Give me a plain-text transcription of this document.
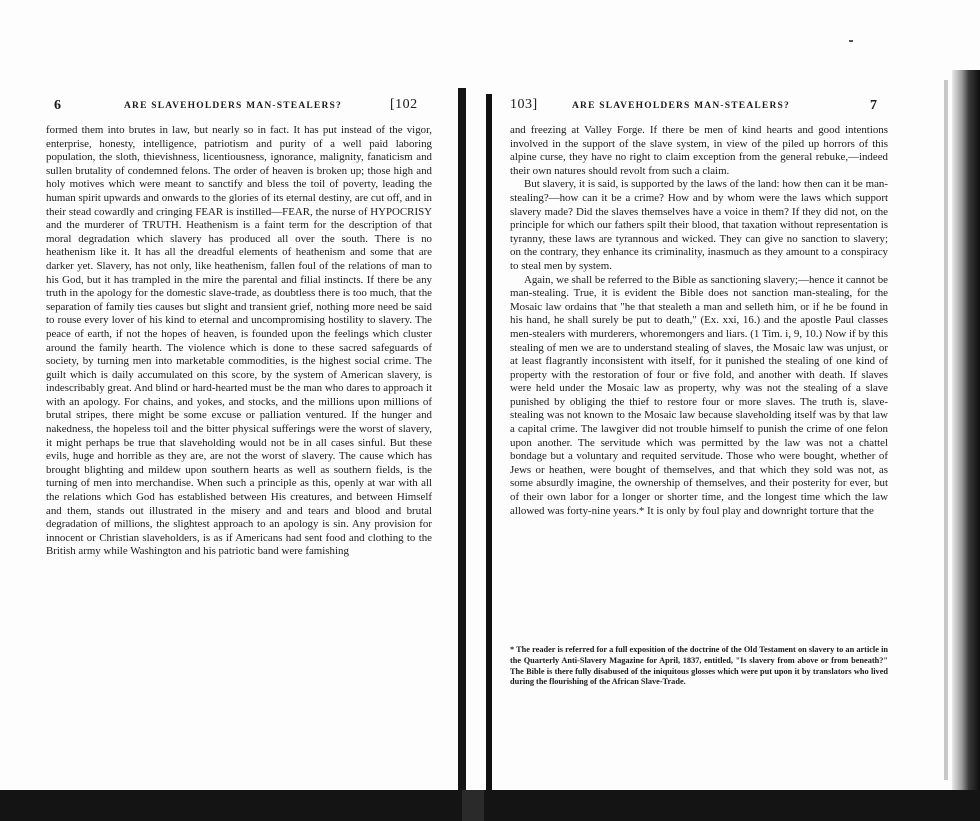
6	ARE SLAVEHOLDERS MAN-STEALERS?	[102

formed them into brutes in law, but nearly so in fact. It has put instead of the vigor, enterprise, honesty, intelligence, patriotism and purity of a well paid laboring population, the sloth, thievishness, licentiousness, ignorance, malignity, fanaticism and sullen brutality of condemned felons. The order of heaven is broken up; those high and holy motives which were meant to sanctify and bless the toil of poverty, leading the human spirit upwards and onwards to the glories of its eternal destiny, are cut off, and in their stead cowardly and cringing FEAR is instilled—FEAR, the nurse of HYPOCRISY and the murderer of TRUTH. Heathenism is a faint term for the description of that moral degradation which slavery has produced all over the south. There is no heathenism like it. It has all the dreadful elements of heathenism and some that are darker yet. Slavery, has not only, like heathenism, fallen foul of the relations of man to his God, but it has trampled in the mire the parental and filial instincts. If there be any truth in the apology for the domestic slave-trade, as doubtless there is too much, that the separation of family ties causes but slight and transient grief, nothing more need be said to rouse every lover of his kind to eternal and uncompromising hostility to slavery. The peace of earth, if not the hopes of heaven, is founded upon the feelings which cluster around the family hearth. The violence which is done to these sacred safeguards of society, by turning men into marketable commodities, is the highest social crime. The guilt which is daily accumulated on this score, by the system of American slavery, is indescribably great. And blind or hard-hearted must be the man who dares to approach it with an apology. For chains, and yokes, and stocks, and the millions upon millions of brutal stripes, there might be some excuse or palliation ventured. If the hunger and nakedness, the hopeless toil and the bitter physical sufferings were the worst of slavery, it might perhaps be true that slaveholding would not be in all cases sinful. But these evils, huge and horrible as they are, are not the worst of slavery. The cause which has brought blighting and mildew upon southern hearts as well as southern fields, is the turning of men into merchandise. When such a principle as this, openly at war with all the relations which God has established between His creatures, and between Himself and them, stands out illustrated in the misery and and tears and blood and brutal degradation of millions, the slightest approach to an apology is sin. Any provision for innocent or Christian slaveholders, is as if Americans had sent food and clothing to the British army while Washington and his patriotic band were famishing

103]	ARE SLAVEHOLDERS MAN-STEALERS?	7

and freezing at Valley Forge. If there be men of kind hearts and good intentions involved in the support of the slave system, in view of the piled up horrors of this alpine curse, they have no right to claim exception from the general rebuke,—indeed their own natures should revolt from such a claim.

But slavery, it is said, is supported by the laws of the land: how then can it be man-stealing?—how can it be a crime? How and by whom were the laws which support slavery made? Did the slaves themselves have a voice in them? If they did not, on the principle for which our fathers spilt their blood, that taxation without representation is tyranny, these laws are tyrannous and wicked. They can give no sanction to slavery; on the contrary, they enhance its criminality, inasmuch as they amount to a conspiracy to steal men by system.

Again, we shall be referred to the Bible as sanctioning slavery;—hence it cannot be man-stealing. True, it is evident the Bible does not sanction man-stealing, for the Mosaic law ordains that "he that stealeth a man and selleth him, or if he be found in his hand, he shall surely be put to death," (Ex. xxi, 16.) and the apostle Paul classes men-stealers with murderers, whoremongers and liars. (1 Tim. i, 9, 10.) Now if by this stealing of men we are to understand stealing of slaves, the Mosaic law was unjust, or at least flagrantly inconsistent with itself, for it punished the stealing of one kind of property with the restoration of four or five fold, and another with death. If slaves were held under the Mosaic law as property, why was not the stealing of a slave punished by obliging the thief to restore four or more slaves. The truth is, slave-stealing was not known to the Mosaic law because slaveholding itself was by that law a capital crime. The lawgiver did not trouble himself to punish the crime of one felon upon another. The servitude which was permitted by the law was not a chattel bondage but a voluntary and requited servitude. Those who were bought, whether of Jews or heathen, were bought of themselves, and that which they sold was not, as some absurdly imagine, the ownership of themselves, and their posterity for ever, but of their own labor for a longer or shorter time, and the longest time which the law allowed was forty-nine years.* It is only by foul play and downright torture that the

* The reader is referred for a full exposition of the doctrine of the Old Testament on slavery to an article in the Quarterly Anti-Slavery Magazine for April, 1837, entitled, "Is slavery from above or from beneath?" The Bible is there fully disabused of the iniquitous glosses which were put upon it by translators who lived during the flourishing of the African Slave-Trade.
